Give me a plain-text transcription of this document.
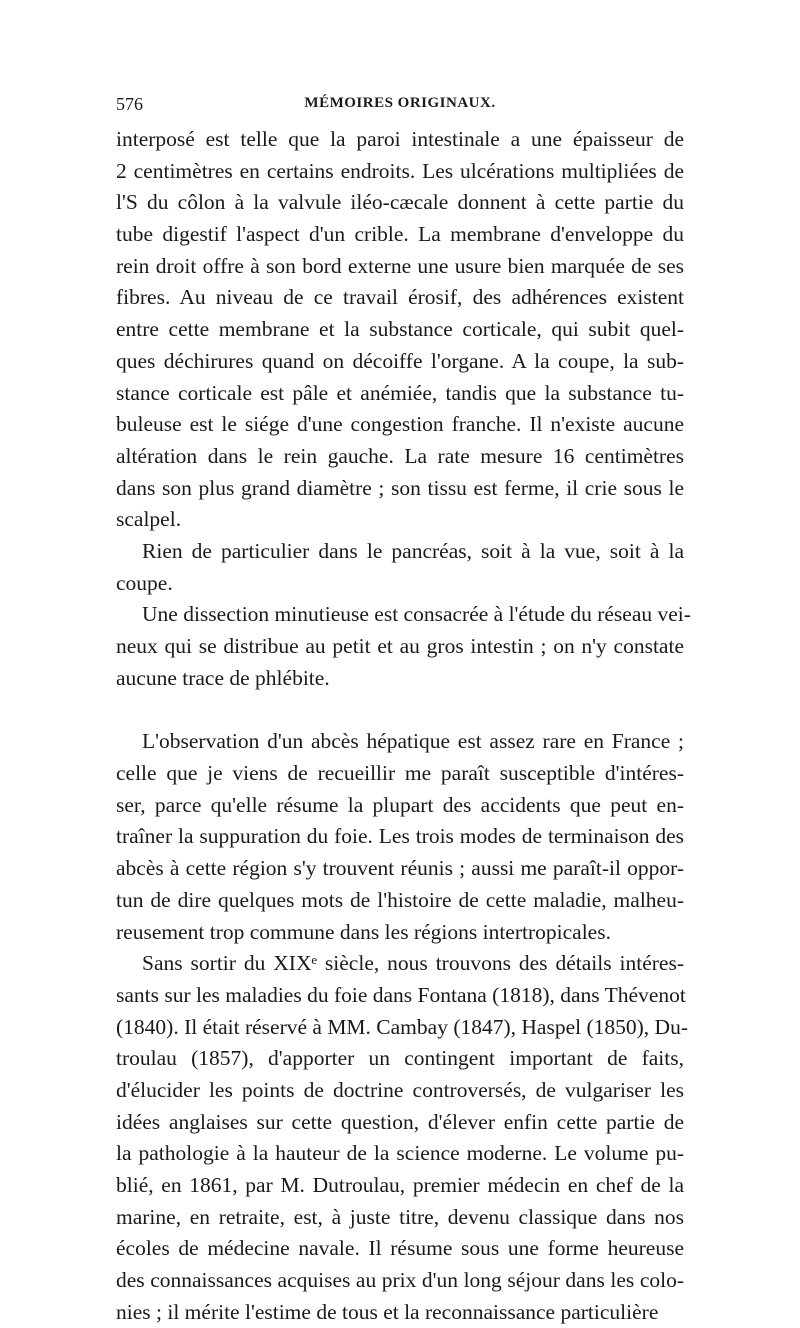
576	MÉMOIRES ORIGINAUX.
interposé est telle que la paroi intestinale a une épaisseur de
2 centimètres en certains endroits. Les ulcérations multipliées de
l'S du côlon à la valvule iléo-cæcale donnent à cette partie du
tube digestif l'aspect d'un crible. La membrane d'enveloppe du
rein droit offre à son bord externe une usure bien marquée de ses
fibres. Au niveau de ce travail érosif, des adhérences existent
entre cette membrane et la substance corticale, qui subit quel-
ques déchirures quand on décoiffe l'organe. A la coupe, la sub-
stance corticale est pâle et anémiée, tandis que la substance tu-
buleuse est le siége d'une congestion franche. Il n'existe aucune
altération dans le rein gauche. La rate mesure 16 centimètres
dans son plus grand diamètre ; son tissu est ferme, il crie sous le
scalpel.
Rien de particulier dans le pancréas, soit à la vue, soit à la
coupe.
Une dissection minutieuse est consacrée à l'étude du réseau vei-
neux qui se distribue au petit et au gros intestin ; on n'y constate
aucune trace de phlébite.
L'observation d'un abcès hépatique est assez rare en France ;
celle que je viens de recueillir me paraît susceptible d'intéres-
ser, parce qu'elle résume la plupart des accidents que peut en-
traîner la suppuration du foie. Les trois modes de terminaison des
abcès à cette région s'y trouvent réunis ; aussi me paraît-il oppor-
tun de dire quelques mots de l'histoire de cette maladie, malheu-
reusement trop commune dans les régions intertropicales.
Sans sortir du XIXᵉ siècle, nous trouvons des détails intéres-
sants sur les maladies du foie dans Fontana (1818), dans Thévenot
(1840). Il était réservé à MM. Cambay (1847), Haspel (1850), Du-
troulau (1857), d'apporter un contingent important de faits,
d'élucider les points de doctrine controversés, de vulgariser les
idées anglaises sur cette question, d'élever enfin cette partie de
la pathologie à la hauteur de la science moderne. Le volume pu-
blié, en 1861, par M. Dutroulau, premier médecin en chef de la
marine, en retraite, est, à juste titre, devenu classique dans nos
écoles de médecine navale. Il résume sous une forme heureuse
des connaissances acquises au prix d'un long séjour dans les colo-
nies ; il mérite l'estime de tous et la reconnaissance particulière
